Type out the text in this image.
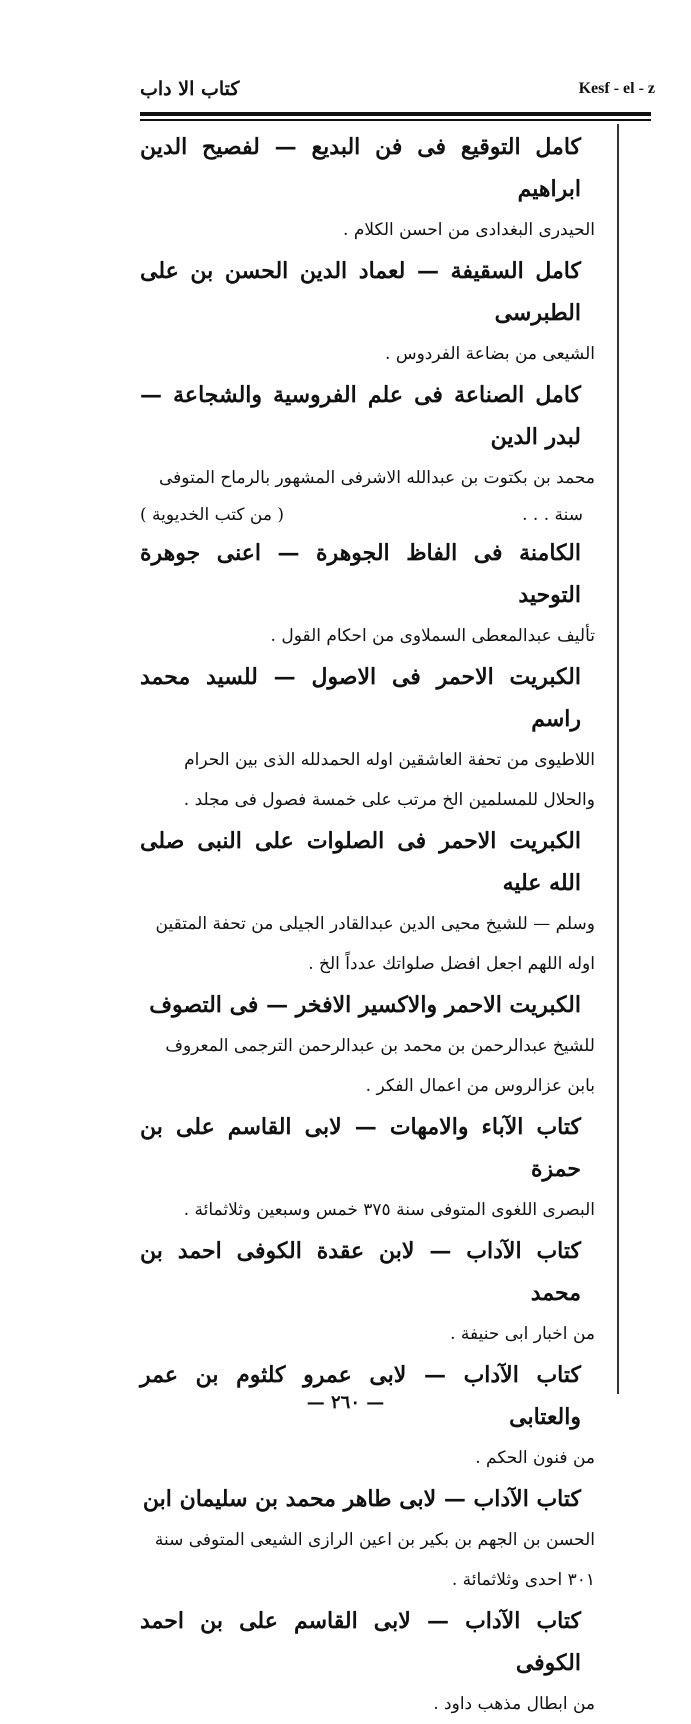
كتاب الا داب	Kesf - el - z

كامل التوقيع فى فن البديع — لفصيح الدين ابراهيم

الحيدرى البغدادى من احسن الكلام .

كامل السقيفة — لعماد الدين الحسن بن على الطبرسى

الشيعى من بضاعة الفردوس .

كامل الصناعة فى علم الفروسية والشجاعة — لبدر الدين

محمد بن بكتوت بن عبدالله الاشرفى المشهور بالرماح المتوفى

سنة . . .
( من كتب الخديوية )

الكامنة فى الفاظ الجوهرة — اعنى جوهرة التوحيد

تأليف عبدالمعطى السملاوى من احكام القول .

الكبريت الاحمر فى الاصول — للسيد محمد راسم

اللاطيوى من تحفة العاشقين اوله الحمدلله الذى بين الحرام

والحلال للمسلمين الخ مرتب على خمسة فصول فى مجلد .

الكبريت الاحمر فى الصلوات على النبى صلى الله عليه

وسلم — للشيخ محيى الدين عبدالقادر الجيلى من تحفة المتقين

اوله اللهم اجعل افضل صلواتك عدداً الخ .

الكبريت الاحمر والاكسير الافخر — فى التصوف

للشيخ عبدالرحمن بن محمد بن عبدالرحمن الترجمى المعروف

بابن عزالروس من اعمال الفكر .

كتاب الآباء والامهات — لابى القاسم على بن حمزة

البصرى اللغوى المتوفى سنة ٣٧٥ خمس وسبعين وثلاثمائة .

كتاب الآداب — لابن عقدة الكوفى احمد بن محمد

من اخبار ابى حنيفة .

كتاب الآداب — لابى عمرو كلثوم بن عمر والعتابى

من فنون الحكم .

كتاب الآداب — لابى طاهر محمد بن سليمان ابن

الحسن بن الجهم بن بكير بن اعين الرازى الشيعى المتوفى سنة

٣٠١ احدى وثلاثمائة .

كتاب الآداب — لابى القاسم على بن احمد الكوفى

من ابطال مذهب داود .

— ٢٦٠ —
